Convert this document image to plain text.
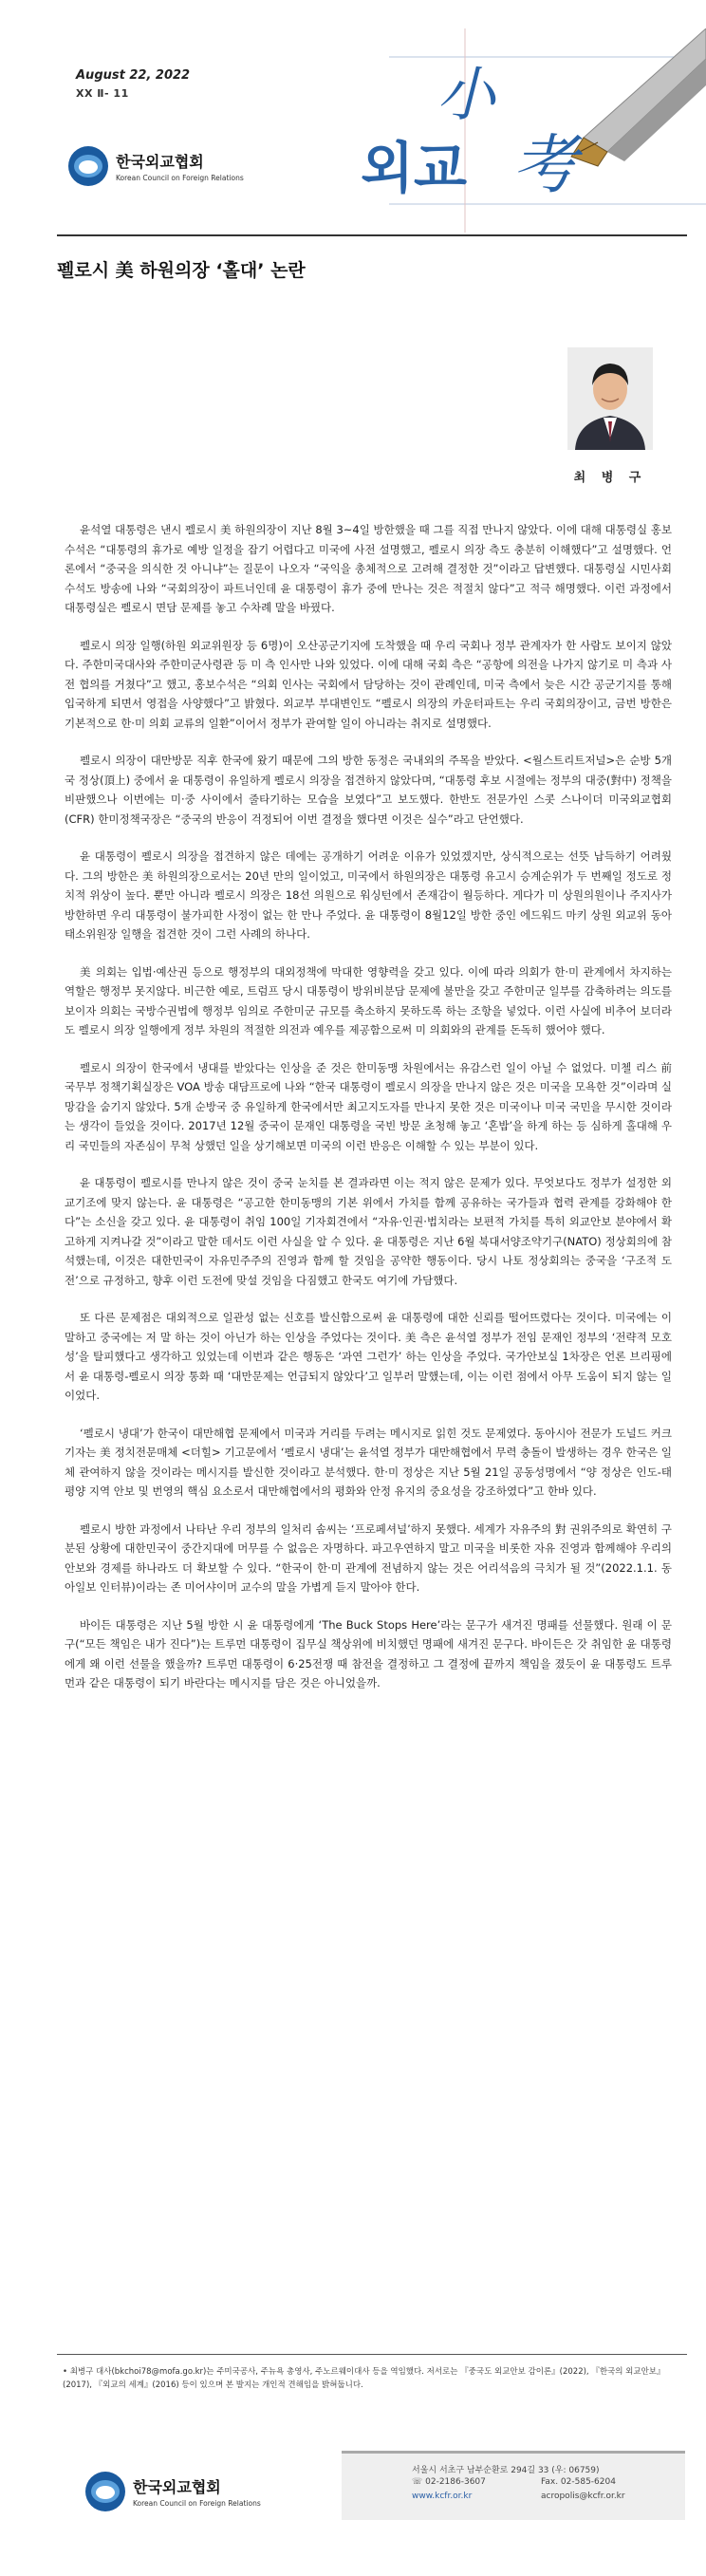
August 22, 2022
XX Ⅱ- 11
한국외교협회
Korean Council on Foreign Relations 외교
小
考
펠로시 美 하원의장 ‘홀대’ 논란
최 병 구

윤석열 대통령은 낸시 펠로시 美 하원의장이 지난 8월 3~4일 방한했을 때 그를 직접 만나지 않았다. 이에 대해 대통령실 홍보수석은 “대통령의 휴가로 예방 일정을 잡기 어렵다고 미국에 사전 설명했고, 펠로시 의장 측도 충분히 이해했다”고 설명했다. 언론에서 “중국을 의식한 것 아니냐”는 질문이 나오자 “국익을 총체적으로 고려해 결정한 것”이라고 답변했다. 대통령실 시민사회수석도 방송에 나와 “국회의장이 파트너인데 윤 대통령이 휴가 중에 만나는 것은 적절치 않다”고 적극 해명했다. 이런 과정에서 대통령실은 펠로시 면담 문제를 놓고 수차례 말을 바꿨다.

펠로시 의장 일행(하원 외교위원장 등 6명)이 오산공군기지에 도착했을 때 우리 국회나 정부 관계자가 한 사람도 보이지 않았다. 주한미국대사와 주한미군사령관 등 미 측 인사만 나와 있었다. 이에 대해 국회 측은 “공항에 의전을 나가지 않기로 미 측과 사전 협의를 거쳤다”고 했고, 홍보수석은 “의회 인사는 국회에서 담당하는 것이 관례인데, 미국 측에서 늦은 시간 공군기지를 통해 입국하게 되면서 영접을 사양했다”고 밝혔다. 외교부 부대변인도 “펠로시 의장의 카운터파트는 우리 국회의장이고, 금번 방한은 기본적으로 한·미 의회 교류의 일환”이어서 정부가 관여할 일이 아니라는 취지로 설명했다.

펠로시 의장이 대만방문 직후 한국에 왔기 때문에 그의 방한 동정은 국내외의 주목을 받았다. <월스트리트저널>은 순방 5개국 정상(頂上) 중에서 윤 대통령이 유일하게 펠로시 의장을 접견하지 않았다며, “대통령 후보 시절에는 정부의 대중(對中) 정책을 비판했으나 이번에는 미·중 사이에서 줄타기하는 모습을 보였다”고 보도했다. 한반도 전문가인 스콧 스나이더 미국외교협회(CFR) 한미정책국장은 “중국의 반응이 걱정되어 이번 결정을 했다면 이것은 실수”라고 단언했다.

윤 대통령이 펠로시 의장을 접견하지 않은 데에는 공개하기 어려운 이유가 있었겠지만, 상식적으로는 선뜻 납득하기 어려웠다. 그의 방한은 美 하원의장으로서는 20년 만의 일이었고, 미국에서 하원의장은 대통령 유고시 승계순위가 두 번째일 정도로 정치적 위상이 높다. 뿐만 아니라 펠로시 의장은 18선 의원으로 워싱턴에서 존재감이 월등하다. 게다가 미 상원의원이나 주지사가 방한하면 우리 대통령이 불가피한 사정이 없는 한 만나 주었다. 윤 대통령이 8월12일 방한 중인 에드워드 마키 상원 외교위 동아태소위원장 일행을 접견한 것이 그런 사례의 하나다.

美 의회는 입법·예산권 등으로 행정부의 대외정책에 막대한 영향력을 갖고 있다. 이에 따라 의회가 한·미 관계에서 차지하는 역할은 행정부 못지않다. 비근한 예로, 트럼프 당시 대통령이 방위비분담 문제에 불만을 갖고 주한미군 일부를 감축하려는 의도를 보이자 의회는 국방수권법에 행정부 임의로 주한미군 규모를 축소하지 못하도록 하는 조항을 넣었다. 이런 사실에 비추어 보더라도 펠로시 의장 일행에게 정부 차원의 적절한 의전과 예우를 제공함으로써 미 의회와의 관계를 돈독히 했어야 했다.

펠로시 의장이 한국에서 냉대를 받았다는 인상을 준 것은 한미동맹 차원에서는 유감스런 일이 아닐 수 없었다. 미첼 리스 前 국무부 정책기획실장은 VOA 방송 대담프로에 나와 “한국 대통령이 펠로시 의장을 만나지 않은 것은 미국을 모욕한 것”이라며 실망감을 숨기지 않았다. 5개 순방국 중 유일하게 한국에서만 최고지도자를 만나지 못한 것은 미국이나 미국 국민을 무시한 것이라는 생각이 들었을 것이다. 2017년 12월 중국이 문재인 대통령을 국빈 방문 초청해 놓고 ‘혼밥’을 하게 하는 등 심하게 홀대해 우리 국민들의 자존심이 무척 상했던 일을 상기해보면 미국의 이런 반응은 이해할 수 있는 부분이 있다.

윤 대통령이 펠로시를 만나지 않은 것이 중국 눈치를 본 결과라면 이는 적지 않은 문제가 있다. 무엇보다도 정부가 설정한 외교기조에 맞지 않는다. 윤 대통령은 “공고한 한미동맹의 기본 위에서 가치를 함께 공유하는 국가들과 협력 관계를 강화해야 한다”는 소신을 갖고 있다. 윤 대통령이 취임 100일 기자회견에서 “자유·인권·법치라는 보편적 가치를 특히 외교안보 분야에서 확고하게 지켜나갈 것”이라고 말한 데서도 이런 사실을 알 수 있다. 윤 대통령은 지난 6월 북대서양조약기구(NATO) 정상회의에 참석했는데, 이것은 대한민국이 자유민주주의 진영과 함께 할 것임을 공약한 행동이다. 당시 나토 정상회의는 중국을 ‘구조적 도전’으로 규정하고, 향후 이런 도전에 맞설 것임을 다짐했고 한국도 여기에 가담했다.

또 다른 문제점은 대외적으로 일관성 없는 신호를 발신함으로써 윤 대통령에 대한 신뢰를 떨어뜨렸다는 것이다. 미국에는 이 말하고 중국에는 저 말 하는 것이 아닌가 하는 인상을 주었다는 것이다. 美 측은 윤석열 정부가 전임 문재인 정부의 ‘전략적 모호성’을 탈피했다고 생각하고 있었는데 이번과 같은 행동은 ‘과연 그런가’ 하는 인상을 주었다. 국가안보실 1차장은 언론 브리핑에서 윤 대통령-펠로시 의장 통화 때 ‘대만문제는 언급되지 않았다’고 일부러 말했는데, 이는 이런 점에서 아무 도움이 되지 않는 일이었다.

‘펠로시 냉대’가 한국이 대만해협 문제에서 미국과 거리를 두려는 메시지로 읽힌 것도 문제였다. 동아시아 전문가 도널드 커크 기자는 美 정치전문매체 <더힐> 기고문에서 ‘펠로시 냉대’는 윤석열 정부가 대만해협에서 무력 충돌이 발생하는 경우 한국은 일체 관여하지 않을 것이라는 메시지를 발신한 것이라고 분석했다. 한·미 정상은 지난 5월 21일 공동성명에서 “양 정상은 인도-태평양 지역 안보 및 번영의 핵심 요소로서 대만해협에서의 평화와 안정 유지의 중요성을 강조하였다”고 한바 있다.

펠로시 방한 과정에서 나타난 우리 정부의 일처리 솜씨는 ‘프로페셔널’하지 못했다. 세계가 자유주의 對 권위주의로 확연히 구분된 상황에 대한민국이 중간지대에 머무를 수 없음은 자명하다. 파고우연하지 말고 미국을 비롯한 자유 진영과 함께해야 우리의 안보와 경제를 하나라도 더 확보할 수 있다. “한국이 한·미 관계에 전념하지 않는 것은 어리석음의 극치가 될 것”(2022.1.1. 동아일보 인터뷰)이라는 존 미어샤이머 교수의 말을 가볍게 듣지 말아야 한다.

바이든 대통령은 지난 5월 방한 시 윤 대통령에게 ‘The Buck Stops Here’라는 문구가 새겨진 명패를 선물했다. 원래 이 문구(“모든 책임은 내가 진다”)는 트루먼 대통령이 집무실 책상위에 비치했던 명패에 새겨진 문구다. 바이든은 갓 취임한 윤 대통령에게 왜 이런 선물을 했을까? 트루먼 대통령이 6·25전쟁 때 참전을 결정하고 그 결정에 끝까지 책임을 졌듯이 윤 대통령도 트루먼과 같은 대통령이 되기 바란다는 메시지를 담은 것은 아니었을까.

• 최병구 대사(bkchoi78@mofa.go.kr)는 주미국공사, 주뉴욕 총영사, 주노르웨이대사 등을 역임했다. 저서로는 『중국도 외교안보 감이론』(2022), 『한국의 외교안보』(2017), 『외교의 세계』(2016) 등이 있으며 본 발지는 개인적 견해임을 밝혀둡니다.
한국외교협회
Korean Council on Foreign Relations
서울시 서초구 남부순환로 294길 33 (우: 06759)
☏ 02-2186-3607	Fax. 02-585-6204
www.kcfr.or.kr	acropolis@kcfr.or.kr
